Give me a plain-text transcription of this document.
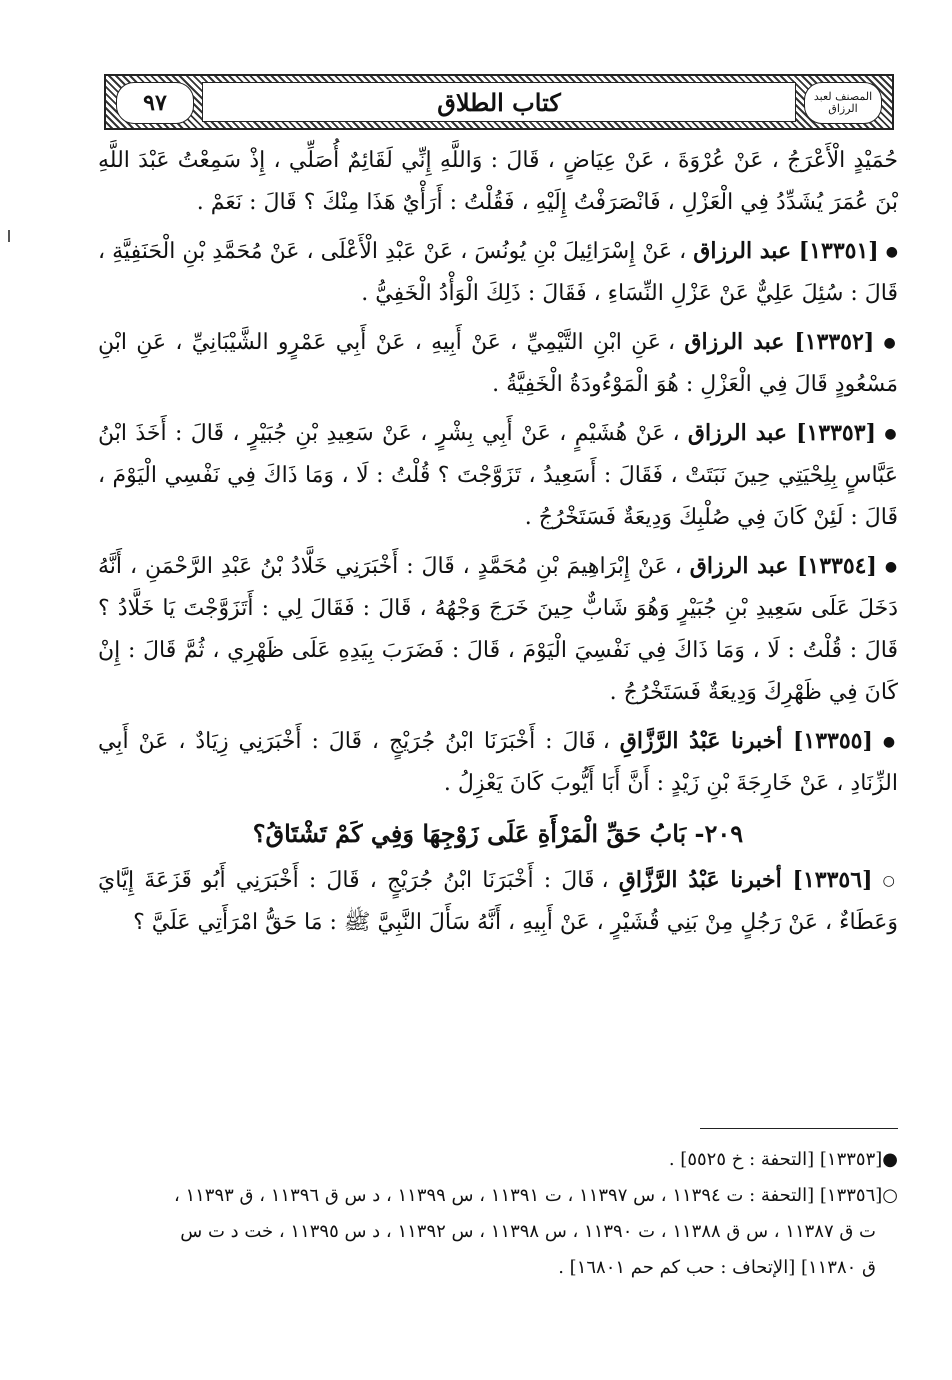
٩٧	كتاب الطلاق	المصنف لعبد الرزاق

حُمَيْدٍ الْأَعْرَجُ ، عَنْ عُرْوَةَ ، عَنْ عِيَاضٍ ، قَالَ : وَاللَّهِ إِنِّي لَقَائِمٌ أُصَلِّي ، إِذْ سَمِعْتُ عَبْدَ اللَّهِ بْنَ عُمَرَ يُشَدِّدُ فِي الْعَزْلِ ، فَانْصَرَفْتُ إِلَيْهِ ، فَقُلْتُ : أَرَأْيٌ هَذَا مِنْكَ ؟ قَالَ : نَعَمْ .

● [١٣٣٥١] عبد الرزاق ، عَنْ إِسْرَائِيلَ بْنِ يُونُسَ ، عَنْ عَبْدِ الْأَعْلَى ، عَنْ مُحَمَّدِ بْنِ الْحَنَفِيَّةِ ، قَالَ : سُئِلَ عَلِيٌّ عَنْ عَزْلِ النِّسَاءِ ، فَقَالَ : ذَلِكَ الْوَأْدُ الْخَفِيُّ .

● [١٣٣٥٢] عبد الرزاق ، عَنِ ابْنِ التَّيْمِيِّ ، عَنْ أَبِيهِ ، عَنْ أَبِي عَمْرٍو الشَّيْبَانِيِّ ، عَنِ ابْنِ مَسْعُودٍ قَالَ فِي الْعَزْلِ : هُوَ الْمَوْءُودَةُ الْخَفِيَّةُ .

● [١٣٣٥٣] عبد الرزاق ، عَنْ هُشَيْمٍ ، عَنْ أَبِي بِشْرٍ ، عَنْ سَعِيدِ بْنِ جُبَيْرٍ ، قَالَ : أَخَذَ ابْنُ عَبَّاسٍ بِلِحْيَتِي حِينَ نَبَتَتْ ، فَقَالَ : أَسَعِيدُ ، تَزَوَّجْتَ ؟ قُلْتُ : لَا ، وَمَا ذَاكَ فِي نَفْسِي الْيَوْمَ ، قَالَ : لَئِنْ كَانَ فِي صُلْبِكَ وَدِيعَةٌ فَسَتَخْرُجُ .

● [١٣٣٥٤] عبد الرزاق ، عَنْ إِبْرَاهِيمَ بْنِ مُحَمَّدٍ ، قَالَ : أَخْبَرَنِي خَلَّادُ بْنُ عَبْدِ الرَّحْمَنِ ، أَنَّهُ دَخَلَ عَلَى سَعِيدِ بْنِ جُبَيْرٍ وَهُوَ شَابٌّ حِينَ خَرَجَ وَجْهُهُ ، قَالَ : فَقَالَ لِي : أَتَزَوَّجْتَ يَا خَلَّادُ ؟ قَالَ : قُلْتُ : لَا ، وَمَا ذَاكَ فِي نَفْسِيَ الْيَوْمَ ، قَالَ : فَضَرَبَ بِيَدِهِ عَلَى ظَهْرِي ، ثُمَّ قَالَ : إِنْ كَانَ فِي ظَهْرِكَ وَدِيعَةٌ فَسَتَخْرُجُ .

● [١٣٣٥٥] أخبرنا عَبْدُ الرَّزَّاقِ ، قَالَ : أَخْبَرَنَا ابْنُ جُرَيْجٍ ، قَالَ : أَخْبَرَنِي زِيَادٌ ، عَنْ أَبِي الزِّنَادِ ، عَنْ خَارِجَةَ بْنِ زَيْدٍ : أَنَّ أَبَا أَيُّوبَ كَانَ يَعْزِلُ .

٢٠٩- بَابُ حَقِّ الْمَرْأَةِ عَلَى زَوْجِهَا وَفِي كَمْ تَشْتَاقُ؟

○ [١٣٣٥٦] أخبرنا عَبْدُ الرَّزَّاقِ ، قَالَ : أَخْبَرَنَا ابْنُ جُرَيْجٍ ، قَالَ : أَخْبَرَنِي أَبُو قَزَعَةَ إِيَّايَ وَعَطَاءٌ ، عَنْ رَجُلٍ مِنْ بَنِي قُشَيْرٍ ، عَنْ أَبِيهِ ، أَنَّهُ سَأَلَ النَّبِيَّ ﷺ : مَا حَقُّ امْرَأَتِي عَلَيَّ ؟

●[١٣٣٥٣] [التحفة : خ ٥٥٢٥] .

○[١٣٣٥٦] [التحفة : ت ١١٣٩٤ ، س ١١٣٩٧ ، ت ١١٣٩١ ، س ١١٣٩٩ ، د س ق ١١٣٩٦ ، ق ١١٣٩٣ ،

ت ق ١١٣٨٧ ، س ق ١١٣٨٨ ، ت ١١٣٩٠ ، س ١١٣٩٨ ، س ١١٣٩٢ ، د س ١١٣٩٥ ، خت د ت س

ق ١١٣٨٠] [الإتحاف : حب كم حم ١٦٨٠١] .
